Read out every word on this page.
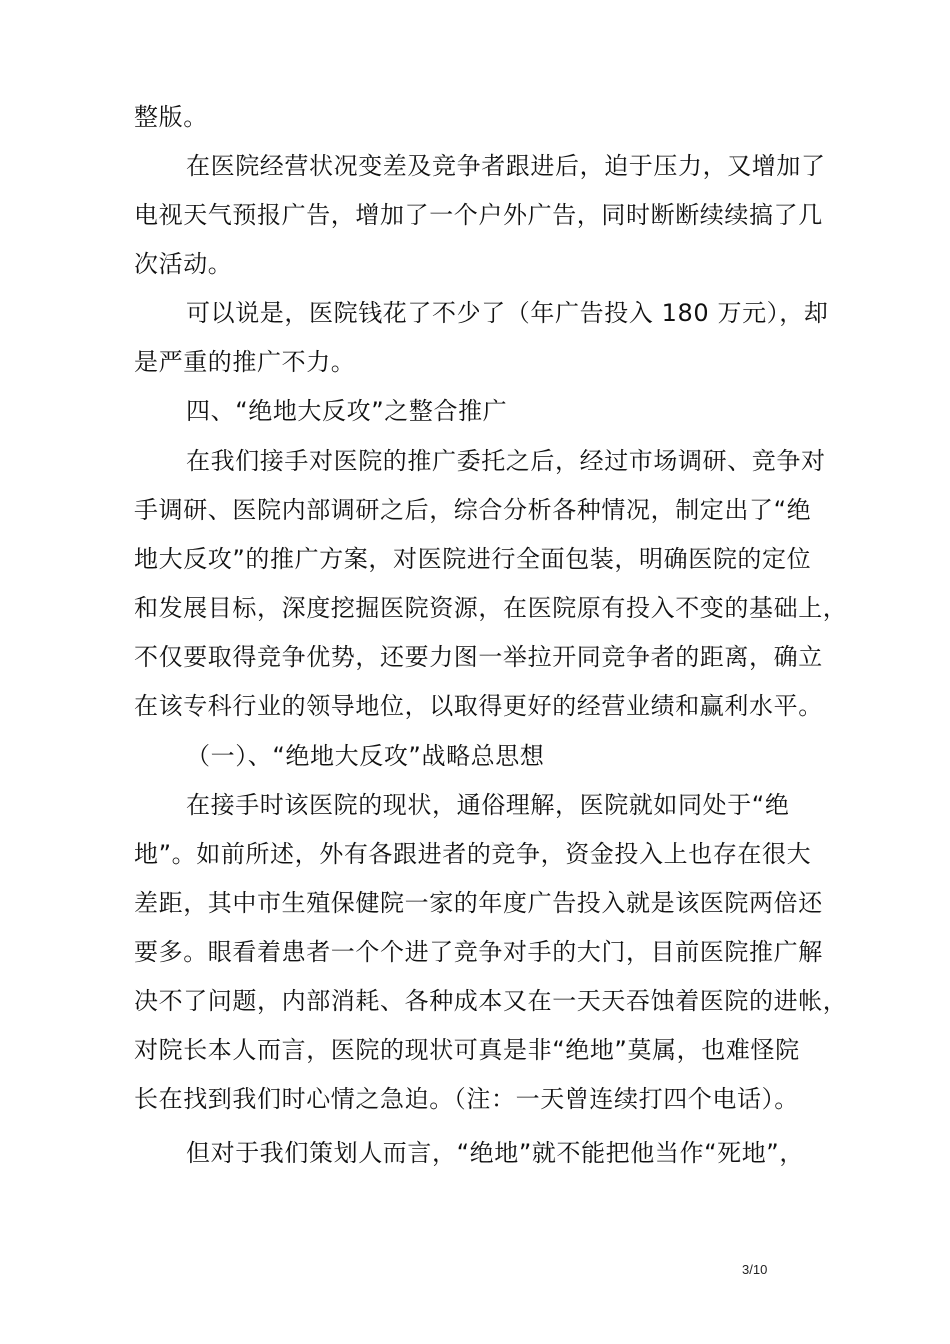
整版。
在医院经营状况变差及竞争者跟进后，迫于压力，又增加了
电视天气预报广告，增加了一个户外广告，同时断断续续搞了几
次活动。
可以说是，医院钱花了不少了（年广告投入 180 万元），却
是严重的推广不力。
四、“绝地大反攻”之整合推广
在我们接手对医院的推广委托之后，经过市场调研、竞争对
手调研、医院内部调研之后，综合分析各种情况，制定出了“绝
地大反攻”的推广方案，对医院进行全面包装，明确医院的定位
和发展目标，深度挖掘医院资源，在医院原有投入不变的基础上，
不仅要取得竞争优势，还要力图一举拉开同竞争者的距离，确立
在该专科行业的领导地位，以取得更好的经营业绩和赢利水平。
（一）、“绝地大反攻”战略总思想
在接手时该医院的现状，通俗理解，医院就如同处于“绝
地”。如前所述，外有各跟进者的竞争，资金投入上也存在很大
差距，其中市生殖保健院一家的年度广告投入就是该医院两倍还
要多。眼看着患者一个个进了竞争对手的大门，目前医院推广解
决不了问题，内部消耗、各种成本又在一天天吞蚀着医院的进帐，
对院长本人而言，医院的现状可真是非“绝地”莫属，也难怪院
长在找到我们时心情之急迫。（注：一天曾连续打四个电话）。
但对于我们策划人而言，“绝地”就不能把他当作“死地”，
3/10
